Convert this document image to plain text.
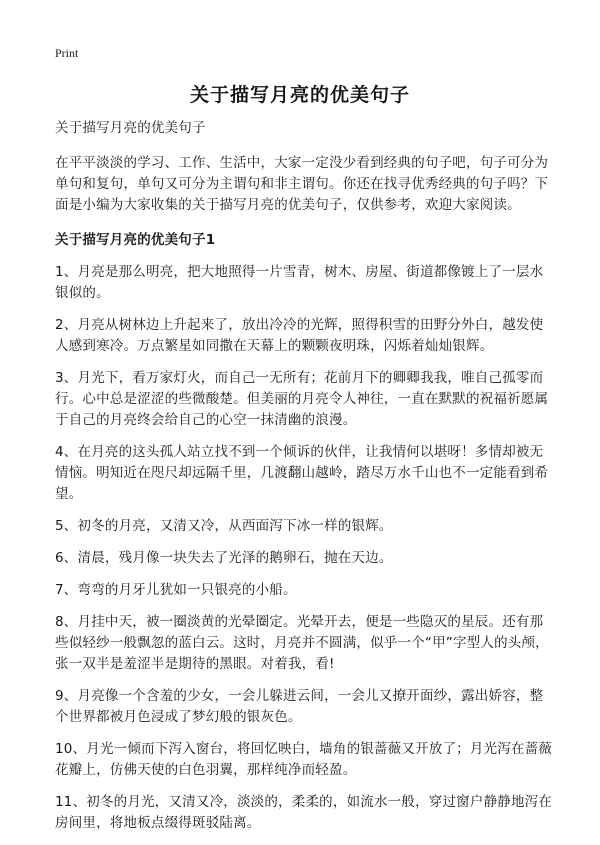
Print
关于描写月亮的优美句子

关于描写月亮的优美句子

在平平淡淡的学习、工作、生活中，大家一定没少看到经典的句子吧，句子可分为单句和复句，单句又可分为主谓句和非主谓句。你还在找寻优秀经典的句子吗？下面是小编为大家收集的关于描写月亮的优美句子，仅供参考，欢迎大家阅读。

关于描写月亮的优美句子1

1、月亮是那么明亮，把大地照得一片雪青，树木、房屋、街道都像镀上了一层水银似的。

2、月亮从树林边上升起来了，放出冷冷的光辉，照得积雪的田野分外白，越发使人感到寒冷。万点繁星如同撒在天幕上的颗颗夜明珠，闪烁着灿灿银辉。

3、月光下，看万家灯火，而自己一无所有；花前月下的卿卿我我，唯自己孤零而行。心中总是涩涩的些微酸楚。但美丽的月亮令人神往，一直在默默的祝福祈愿属于自己的月亮终会给自己的心空一抹清幽的浪漫。

4、在月亮的这头孤人站立找不到一个倾诉的伙伴，让我情何以堪呀！多情却被无情恼。明知近在咫尺却远隔千里，几渡翻山越岭，踏尽万水千山也不一定能看到希望。

5、初冬的月亮，又清又冷，从西面泻下冰一样的银辉。

6、清晨，残月像一块失去了光泽的鹅卵石，抛在天边。

7、弯弯的月牙儿犹如一只银亮的小船。

8、月挂中天，被一圈淡黄的光晕圈定。光晕开去，便是一些隐灭的星辰。还有那些似轻纱一般飘忽的蓝白云。这时，月亮并不圆满，似乎一个“甲”字型人的头颅，张一双半是羞涩半是期待的黑眼。对着我，看!

9、月亮像一个含羞的少女，一会儿躲进云间，一会儿又撩开面纱，露出娇容，整个世界都被月色浸成了梦幻般的银灰色。

10、月光一倾而下泻入窗台，将回忆映白，墙角的银蔷薇又开放了；月光泻在蔷薇花瓣上，仿佛天使的白色羽翼，那样纯净而轻盈。

11、初冬的月光，又清又冷，淡淡的，柔柔的，如流水一般，穿过窗户静静地泻在房间里，将地板点缀得斑驳陆离。
